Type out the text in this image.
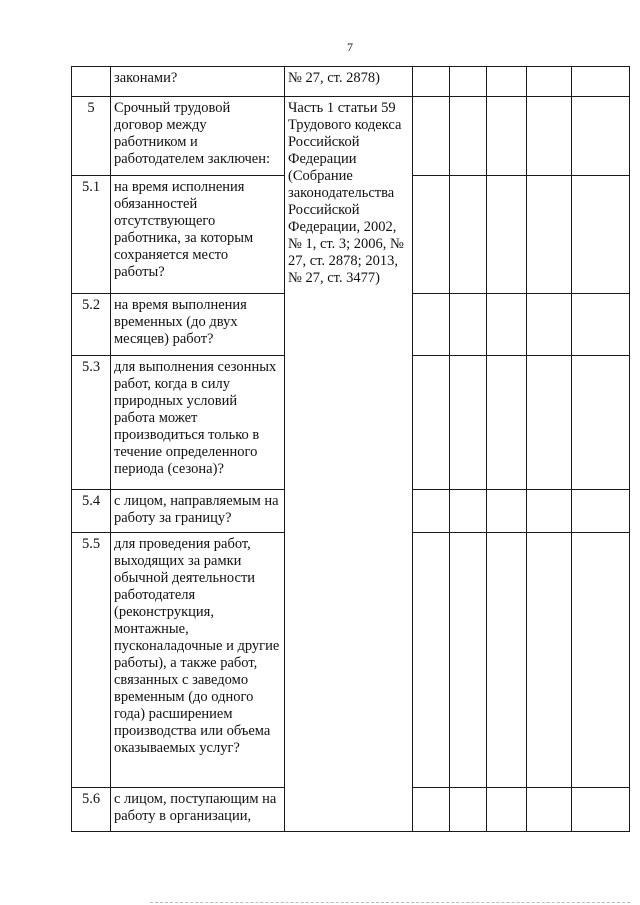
7
	законами?	№ 27, ст. 2878)					
5	Срочный трудовой договор между работником и работодателем заключен:	Часть 1 статьи 59 Трудового кодекса Российской Федерации (Собрание законодательства Российской Федерации, 2002, № 1, ст. 3; 2006, № 27, ст. 2878; 2013, № 27, ст. 3477)					
5.1	на время исполнения обязанностей отсутствующего работника, за которым сохраняется место работы?						
5.2	на время выполнения временных (до двух месяцев) работ?						
5.3	для выполнения сезонных работ, когда в силу природных условий работа может производиться только в течение определенного периода (сезона)?						
5.4	с лицом, направляемым на работу за границу?						
5.5	для проведения работ, выходящих за рамки обычной деятельности работодателя (реконструкция, монтажные, пусконаладочные и другие работы), а также работ, связанных с заведомо временным (до одного года) расширением производства или объема оказываемых услуг?						
5.6	с лицом, поступающим на работу в организации,						
